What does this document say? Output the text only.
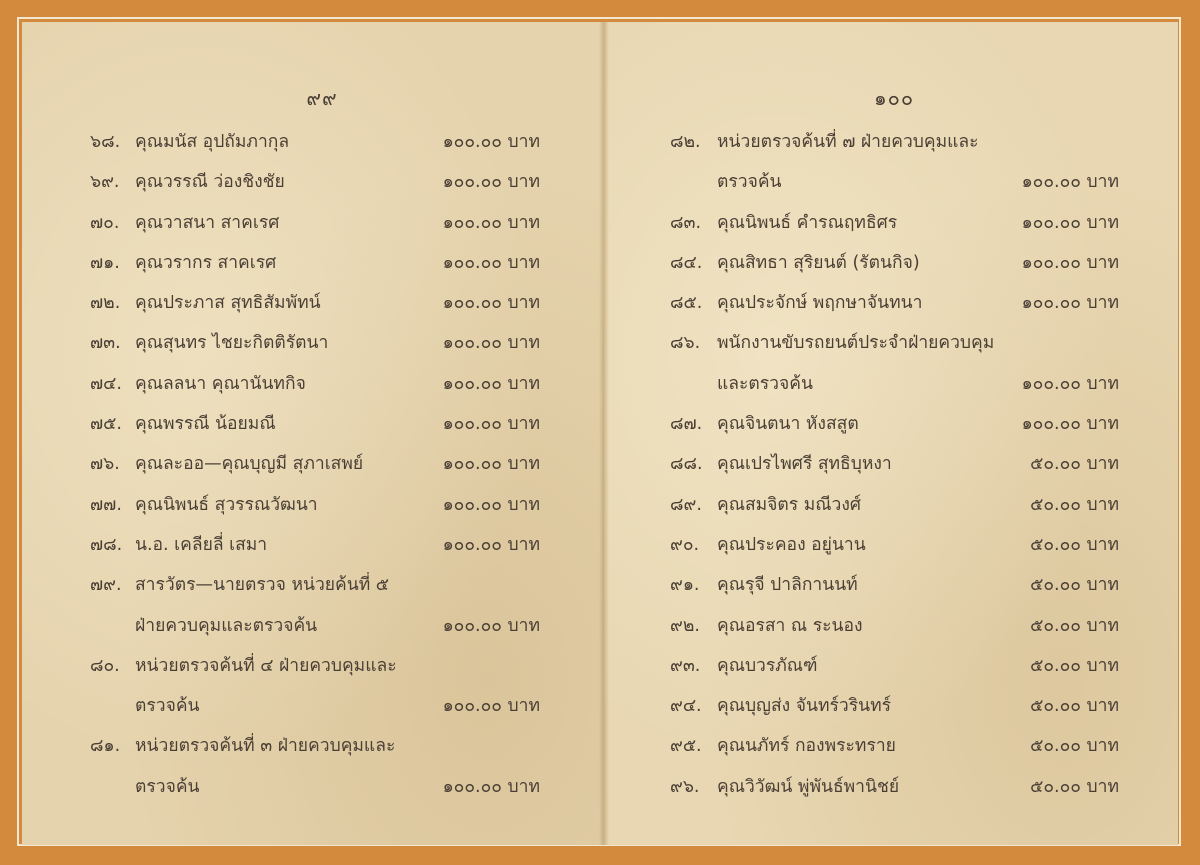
๙๙
๖๘. คุณมนัส อุปถัมภากุล	๑๐๐.๐๐ บาท
๖๙. คุณวรรณี ว่องชิงชัย	๑๐๐.๐๐ บาท
๗๐. คุณวาสนา สาคเรศ	๑๐๐.๐๐ บาท
๗๑. คุณวรากร สาคเรศ	๑๐๐.๐๐ บาท
๗๒. คุณประภาส สุทธิสัมพัทน์	๑๐๐.๐๐ บาท
๗๓. คุณสุนทร ไชยะกิตติรัตนา	๑๐๐.๐๐ บาท
๗๔. คุณลลนา คุณานันทกิจ	๑๐๐.๐๐ บาท
๗๕. คุณพรรณี น้อยมณี	๑๐๐.๐๐ บาท
๗๖. คุณละออ—คุณบุญมี สุภาเสพย์	๑๐๐.๐๐ บาท
๗๗. คุณนิพนธ์ สุวรรณวัฒนา	๑๐๐.๐๐ บาท
๗๘. น.อ. เคลียลี่ เสมา	๑๐๐.๐๐ บาท
๗๙. สารวัตร—นายตรวจ หน่วยค้นที่ ๕
ฝ่ายควบคุมและตรวจค้น	๑๐๐.๐๐ บาท
๘๐. หน่วยตรวจค้นที่ ๔ ฝ่ายควบคุมและ
ตรวจค้น	๑๐๐.๐๐ บาท
๘๑. หน่วยตรวจค้นที่ ๓ ฝ่ายควบคุมและ
ตรวจค้น	๑๐๐.๐๐ บาท
๑๐๐
๘๒. หน่วยตรวจค้นที่ ๗ ฝ่ายควบคุมและ
ตรวจค้น	๑๐๐.๐๐ บาท
๘๓. คุณนิพนธ์ คำรณฤทธิศร	๑๐๐.๐๐ บาท
๘๔. คุณสิทธา สุริยนต์ (รัตนกิจ)	๑๐๐.๐๐ บาท
๘๕. คุณประจักษ์ พฤกษาจันทนา	๑๐๐.๐๐ บาท
๘๖. พนักงานขับรถยนต์ประจำฝ่ายควบคุม
และตรวจค้น	๑๐๐.๐๐ บาท
๘๗. คุณจินตนา หังสสูต	๑๐๐.๐๐ บาท
๘๘. คุณเปรไพศรี สุทธิบุหงา	๕๐.๐๐ บาท
๘๙. คุณสมจิตร มณีวงศ์	๕๐.๐๐ บาท
๙๐. คุณประคอง อยู่นาน	๕๐.๐๐ บาท
๙๑. คุณรุจี ปาลิกานนท์	๕๐.๐๐ บาท
๙๒. คุณอรสา ณ ระนอง	๕๐.๐๐ บาท
๙๓. คุณบวรภัณฑ์	๕๐.๐๐ บาท
๙๔. คุณบุญส่ง จันทร์วรินทร์	๕๐.๐๐ บาท
๙๕. คุณนภัทร์ กองพระทราย	๕๐.๐๐ บาท
๙๖. คุณวิวัฒน์ พู่พันธ์พานิชย์	๕๐.๐๐ บาท
